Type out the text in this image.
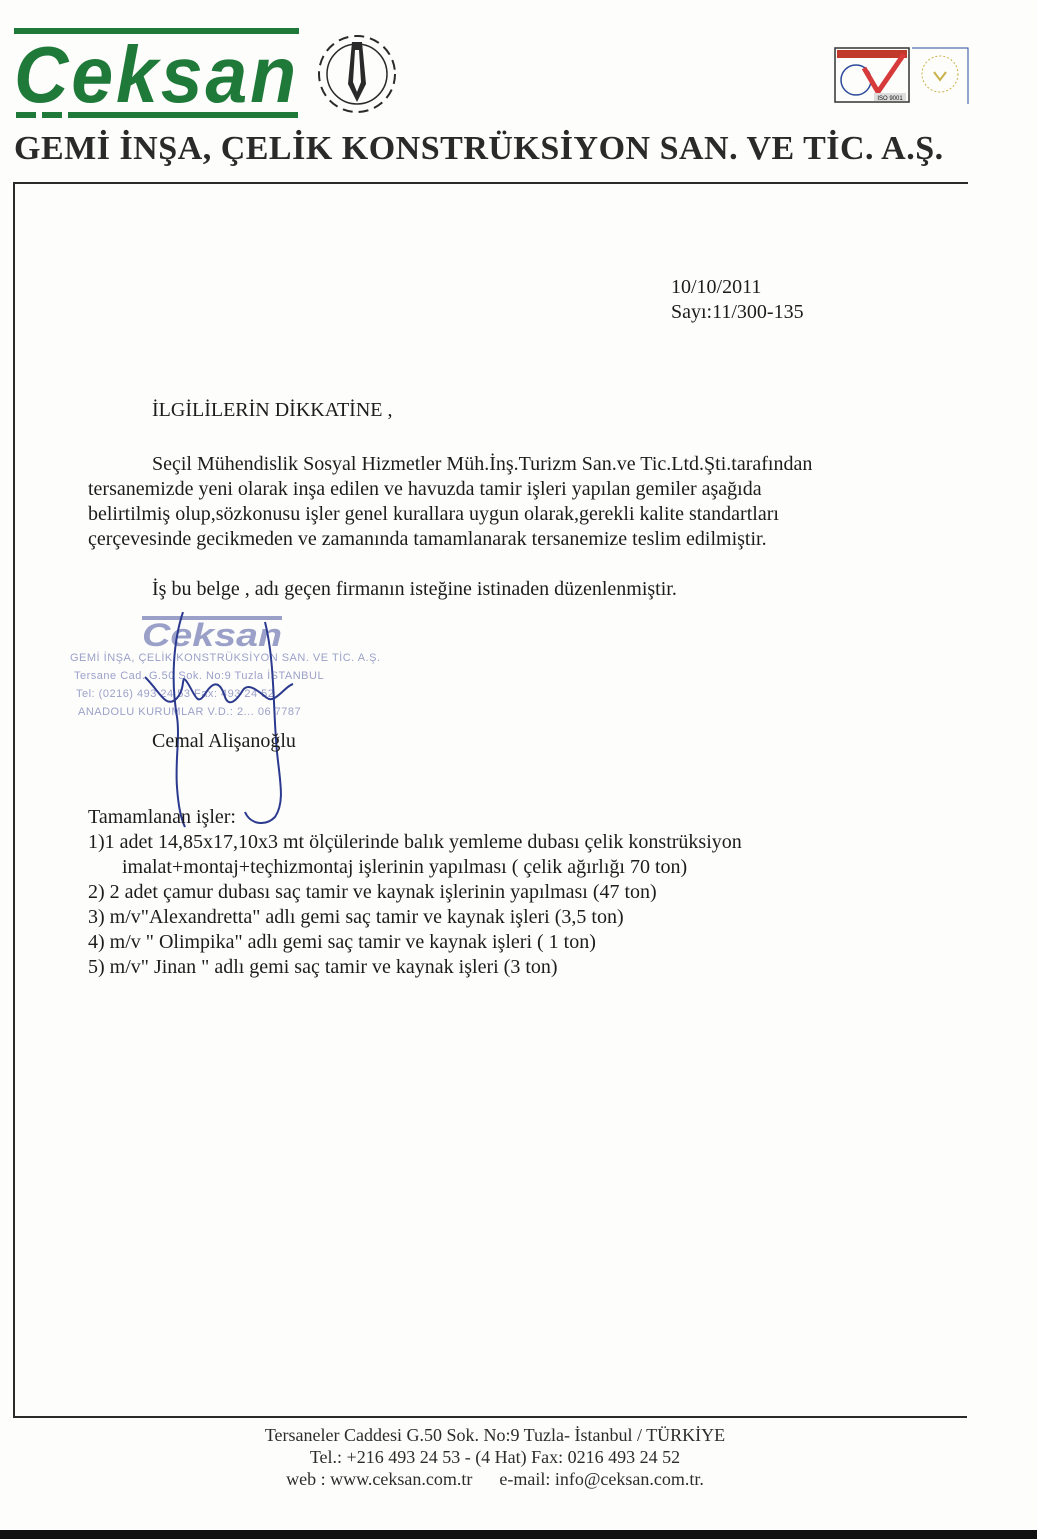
Ceksan
GEMİ İNŞA, ÇELİK KONSTRÜKSİYON SAN. VE TİC. A.Ş.
ISO 9001
10/10/2011
Sayı:11/300-135
İLGİLİLERİN DİKKATİNE ,

Seçil Mühendislik Sosyal Hizmetler Müh.İnş.Turizm San.ve Tic.Ltd.Şti.tarafından

tersanemizde yeni olarak inşa edilen ve havuzda tamir işleri yapılan gemiler aşağıda

belirtilmiş olup,sözkonusu işler genel kurallara uygun olarak,gerekli kalite standartları

çerçevesinde gecikmeden ve zamanında tamamlanarak tersanemize teslim edilmiştir.

İş bu belge , adı geçen firmanın isteğine istinaden düzenlenmiştir.
Ceksan
GEMİ İNŞA, ÇELİK KONSTRÜKSİYON SAN. VE TİC. A.Ş.
Tersane Cad. G.50 Sok. No:9 Tuzla İSTANBUL
Tel: (0216) 493 24 53 Fax: 493 24 52
ANADOLU KURUMLAR V.D.: 2... 06 7787
Cemal Alişanoğlu

Tamamlanan işler:

1)1 adet 14,85x17,10x3 mt ölçülerinde balık yemleme dubası çelik konstrüksiyon

imalat+montaj+teçhizmontaj işlerinin yapılması ( çelik ağırlığı 70 ton)

2) 2 adet çamur dubası saç tamir ve kaynak işlerinin yapılması (47 ton)

3) m/v"Alexandretta" adlı gemi saç tamir ve kaynak işleri (3,5 ton)

4) m/v " Olimpika" adlı gemi saç tamir ve kaynak işleri ( 1 ton)

5) m/v" Jinan " adlı gemi saç tamir ve kaynak işleri (3 ton)

Tersaneler Caddesi G.50 Sok. No:9 Tuzla- İstanbul / TÜRKİYE

Tel.: +216 493 24 53 - (4 Hat) Fax: 0216 493 24 52

web : www.ceksan.com.tr e-mail: info@ceksan.com.tr.
